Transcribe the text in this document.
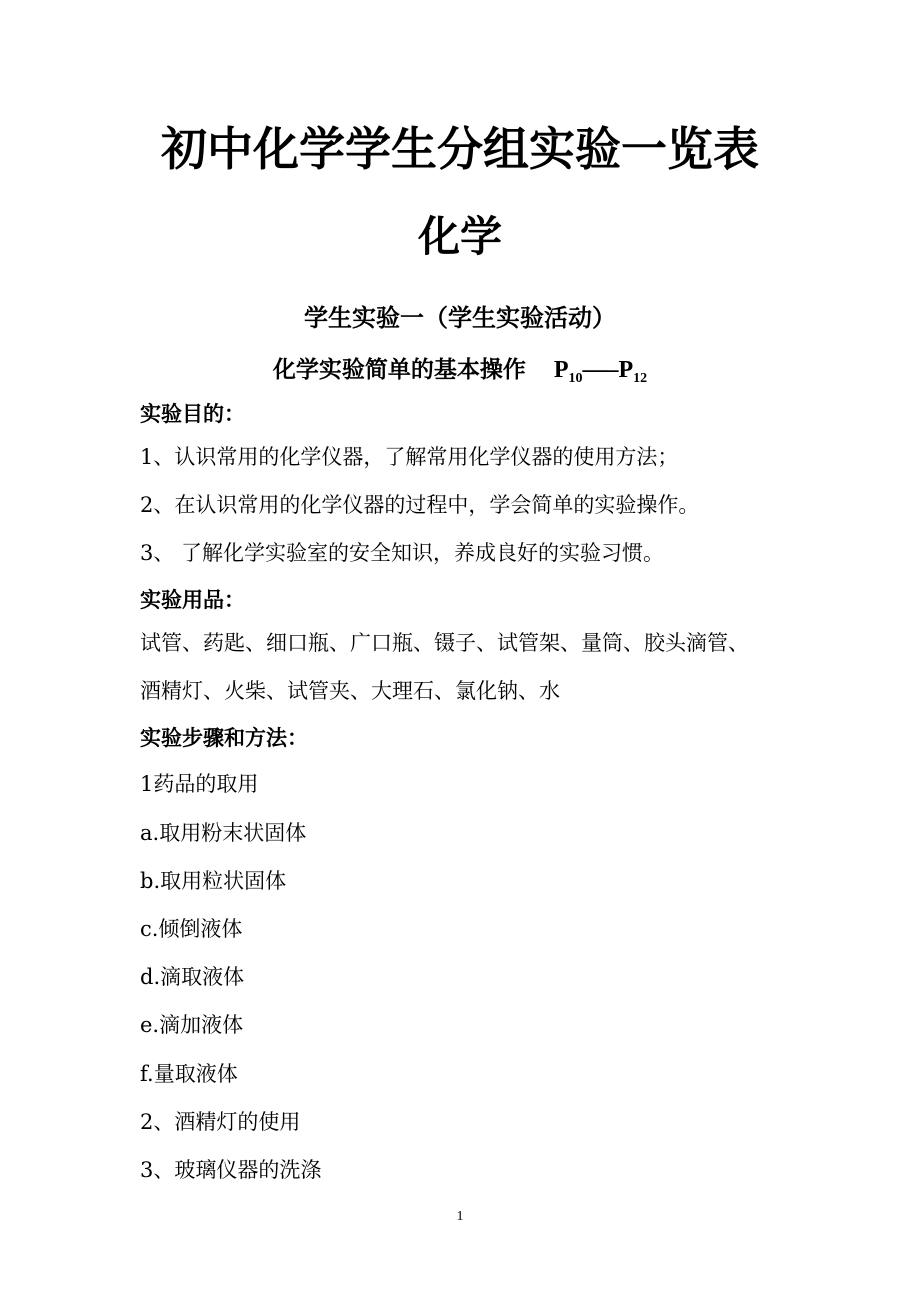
初中化学学生分组实验一览表
化学
学生实验一（学生实验活动）
化学实验简单的基本操作 $P_{10}—-P_{12}$
实验目的：
1、认识常用的化学仪器，了解常用化学仪器的使用方法；
2、在认识常用的化学仪器的过程中，学会简单的实验操作。
3、 了解化学实验室的安全知识，养成良好的实验习惯。
实验用品：
试管、药匙、细口瓶、广口瓶、镊子、试管架、量筒、胶头滴管、
酒精灯、火柴、试管夹、大理石、氯化钠、水
实验步骤和方法：
1药品的取用
a.取用粉末状固体
b.取用粒状固体
c.倾倒液体
d.滴取液体
e.滴加液体
f.量取液体
2、酒精灯的使用
3、玻璃仪器的洗涤
1
